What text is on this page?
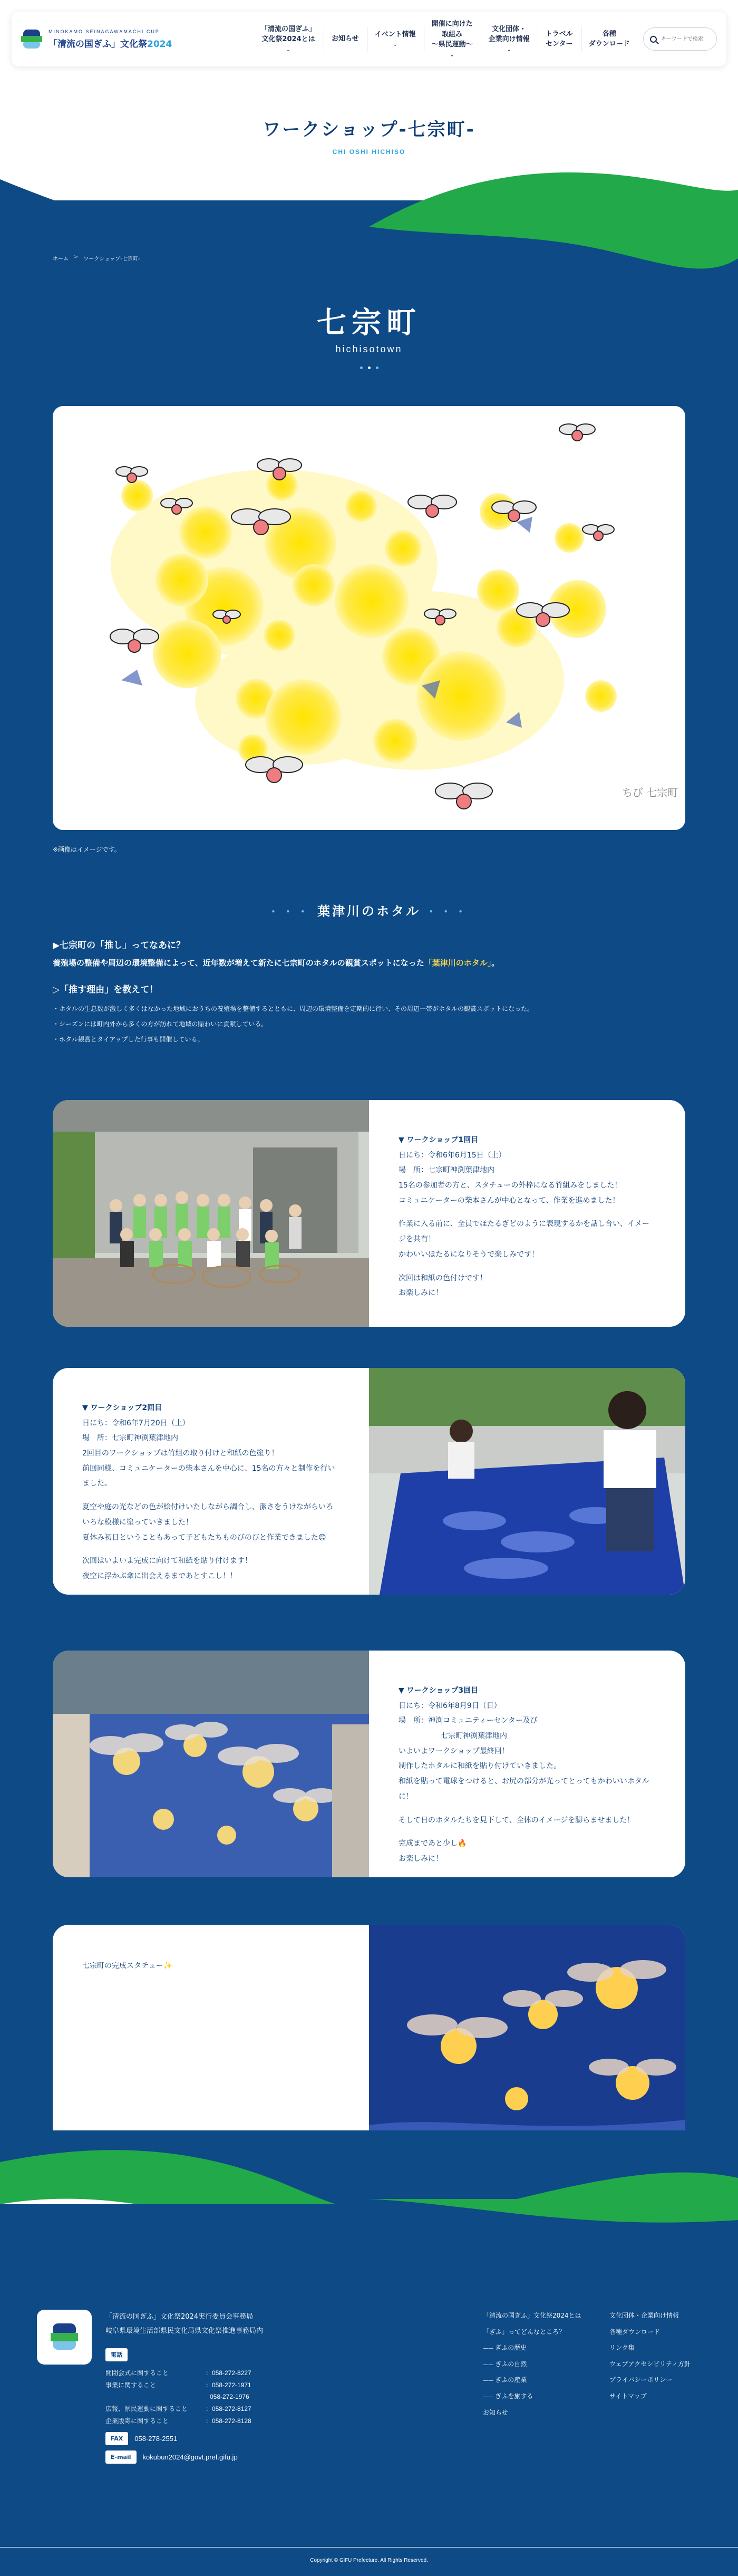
MINOKAMO SEINAGAWAMACHI CUP
「清流の国ぎふ」文化祭2024
「清流の国ぎふ」
文化祭2024とは
⌄
お知らせ
イベント情報
⌄
開催に向けた
取組み
～県民運動～
⌄
文化団体・
企業向け情報
⌄
トラベル
センター
各種
ダウンロード
キーワードで検索
ワークショップ-七宗町-
CHI OSHI HICHISO
ホーム > ワークショップ-七宗町-
七宗町
hichisotown
ちび 七宗町
※画像はイメージです。
• • • 葉津川のホタル • • •
▶七宗町の「推し」ってなあに？
養殖場の整備や周辺の環境整備によって、近年数が増えて新たに七宗町のホタルの観賞スポットになった「葉津川のホタル」。
▷「推す理由」を教えて！
・ホタルの生息数が激しく多くはなかった地域におうちの養殖場を整備するとともに、周辺の環境整備を定期的に行い、その周辺一帯がホタルの観賞スポットになった。
・シーズンには町内外から多くの方が訪れて地域の賑わいに貢献している。
・ホタル観賞とタイアップした行事も開催している。

▼ ワークショップ1回目

日にち：令和6年6月15日（土）

場　所：七宗町神渕葉津地内

15名の参加者の方と、スタチューの外枠になる竹組みをしました！

コミュニケーターの柴本さんが中心となって、作業を進めました！

作業に入る前に、全員でほたるぎどのように表現するかを話し合い、イメージを共有！

かわいいほたるになりそうで楽しみです！

次回は和紙の色付けです！

お楽しみに！

▼ ワークショップ2回目

日にち：令和6年7月20日（土）

場　所：七宗町神渕葉津地内

2回目のワークショップは竹組の取り付けと和紙の色塗り！

前回同様、コミュニケーターの柴本さんを中心に、15名の方々と制作を行いました。

夏空や庭の光などの色が絵付けいたしながら調合し、潔さをうけながらいろいろな模様に塗っていきました！

夏休み初日ということもあって子どもたちものびのびと作業できました😊

次回はいよいよ完成に向けて和紙を貼り付けます！

夜空に浮かぶ傘に出会えるまであとすこし！！

▼ ワークショップ3回目

日にち：令和6年8月9日（日）

場　所：神渕コミュニティーセンター及び

七宗町神渕葉津地内

いよいよワークショップ最終回！

制作したホタルに和紙を貼り付けていきました。

和紙を貼って電球をつけると、お尻の部分が光ってとってもかわいいホタルに！

そして日のホタルたちを見下して、全体のイメージを膨らませました！

完成まであと少し🔥

お楽しみに！

七宗町の完成スタチュー✨

「清流の国ぎふ」文化祭2024実行委員会事務局
岐阜県環境生活部県民文化局県文化祭推進事務局内
電話
開閉会式に関すること	：058-272-8227
事業に関すること	：058-272-1971
058-272-1976
広報、県民運動に関すること	：058-272-8127
企業版寄に関すること	：058-272-8128
FAX	058-278-2551
E-mail	kokubun2024@govt.pref.gifu.jp
「清流の国ぎふ」文化祭2024とは
「ぎふ」ってどんなところ？
—— ぎふの歴史
—— ぎふの自然
—— ぎふの産業
—— ぎふを旅する
お知らせ
文化団体・企業向け情報
各種ダウンロード
リンク集
ウェブアクセシビリティ方針
プライバシーポリシー
サイトマップ
Copyright © GiFU Prefecture. All Rights Reserved.
